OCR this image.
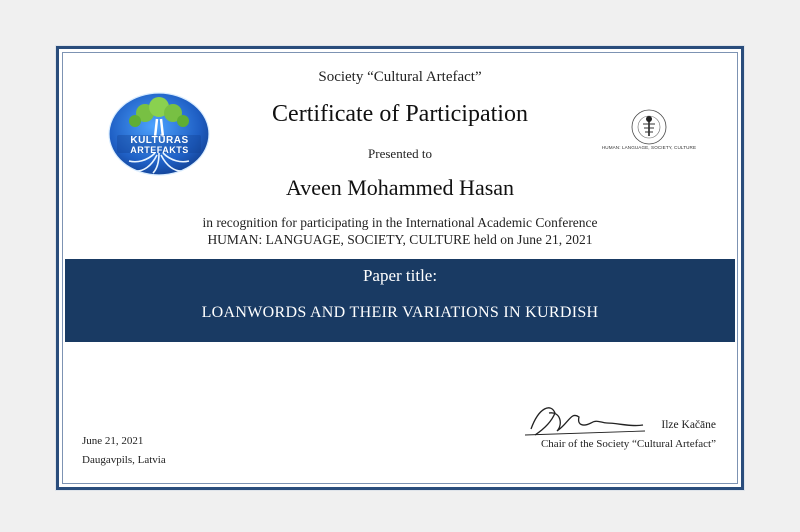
KULTŪRAS
ARTEFAKTS	HUMAN: LANGUAGE, SOCIETY, CULTURE
Society “Cultural Artefact”
Certificate of Participation
Presented to
Aveen Mohammed Hasan
in recognition for participating in the International Academic Conference
HUMAN: LANGUAGE, SOCIETY, CULTURE held on June 21, 2021
Paper title:
LOANWORDS AND THEIR VARIATIONS IN KURDISH
June 21, 2021
Daugavpils, Latvia
Ilze Kačāne
Chair of the Society “Cultural Artefact”
